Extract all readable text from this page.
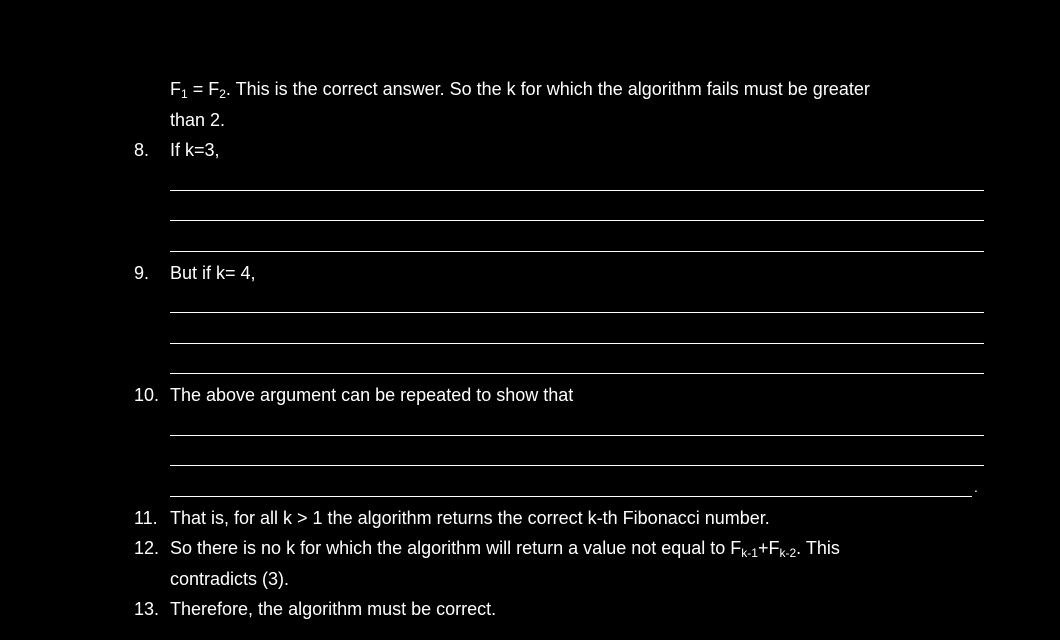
$F_1 = F_2$. This is the correct answer. So the k for which the algorithm fails must be greater
than 2.
8. If k=3,
9. But if k= 4,
10. The above argument can be repeated to show that
.
11. That is, for all k > 1 the algorithm returns the correct k-th Fibonacci number.
12. So there is no k for which the algorithm will return a value not equal to $F_{k-1}+F_{k-2}$. This
contradicts (3).
13. Therefore, the algorithm must be correct.
